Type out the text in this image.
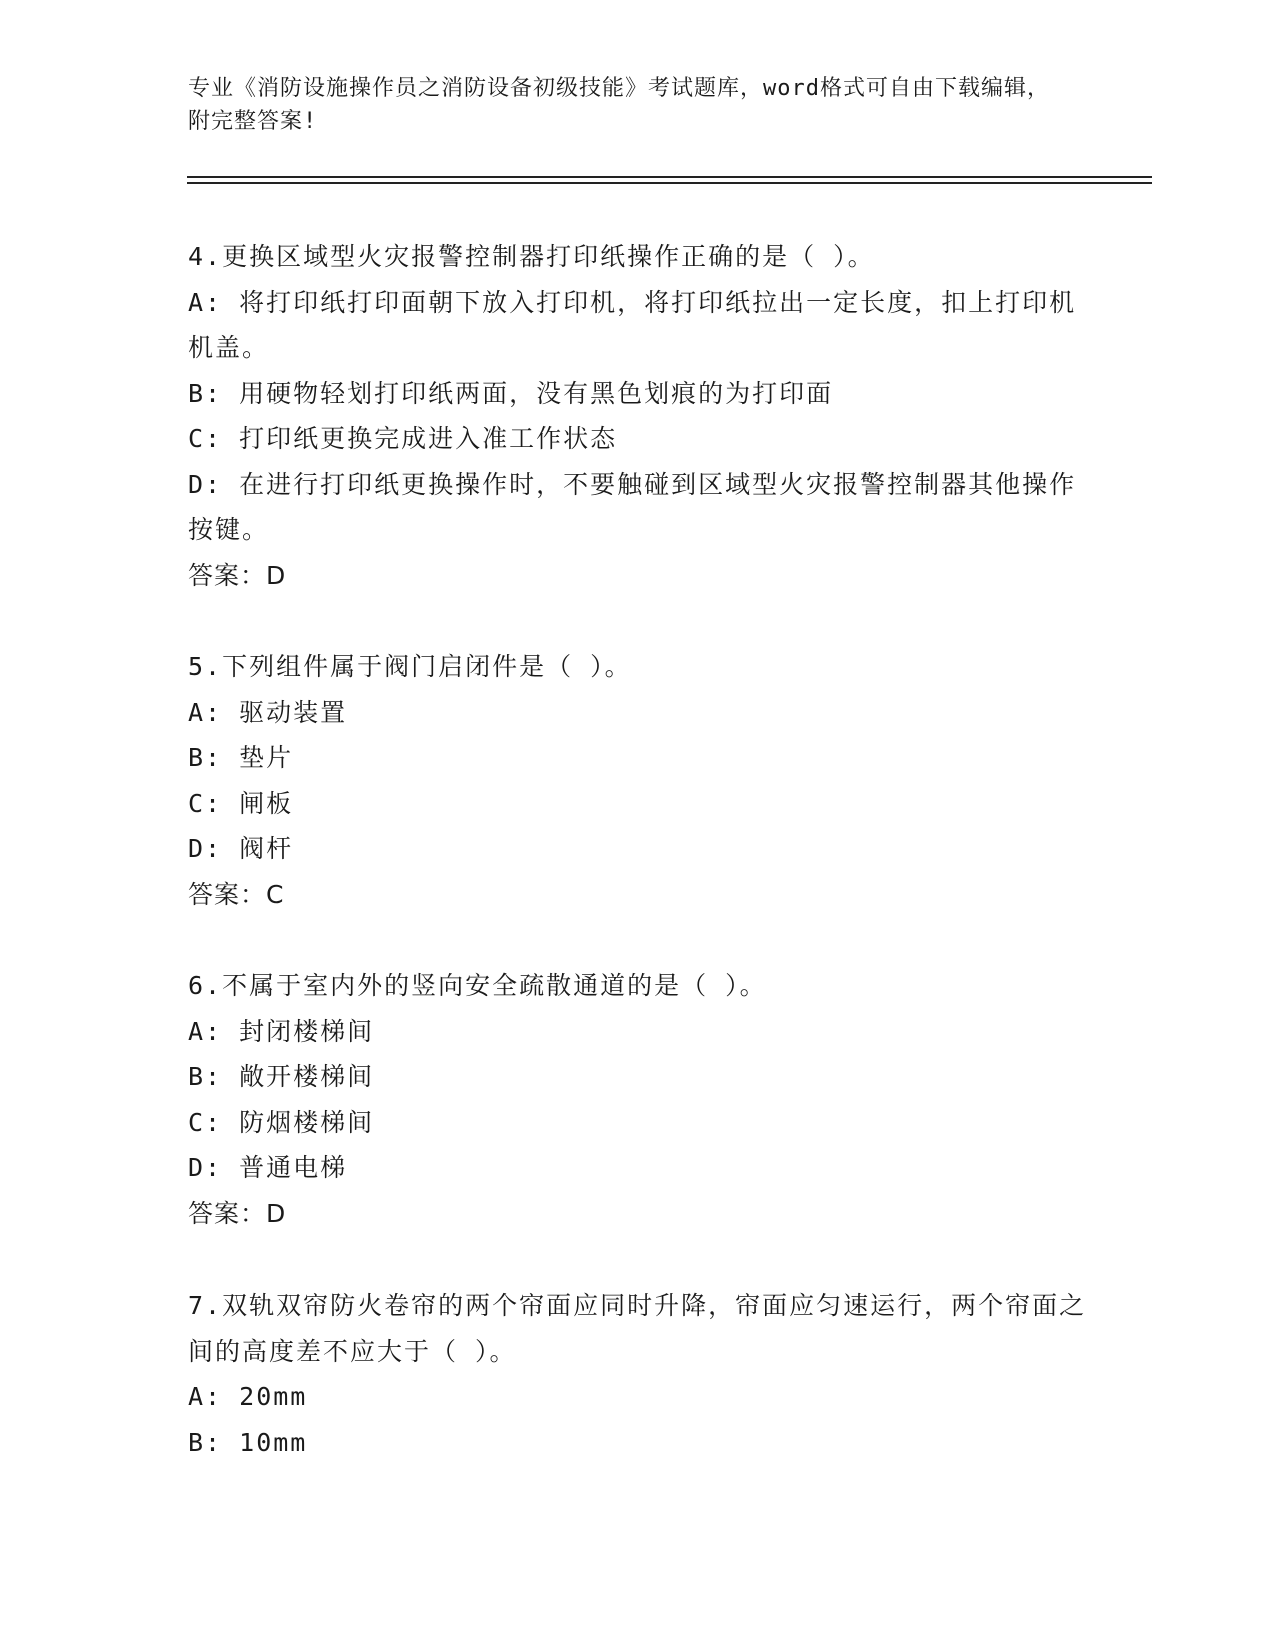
专业《消防设施操作员之消防设备初级技能》考试题库，word格式可自由下载编辑，附完整答案!
4.更换区域型火灾报警控制器打印纸操作正确的是（ ）。
A: 将打印纸打印面朝下放入打印机，将打印纸拉出一定长度，扣上打印机机盖。
B: 用硬物轻划打印纸两面，没有黑色划痕的为打印面
C: 打印纸更换完成进入准工作状态
D: 在进行打印纸更换操作时，不要触碰到区域型火灾报警控制器其他操作按键。
答案：D
5.下列组件属于阀门启闭件是（ ）。
A: 驱动装置
B: 垫片
C: 闸板
D: 阀杆
答案：C
6.不属于室内外的竖向安全疏散通道的是（ ）。
A: 封闭楼梯间
B: 敞开楼梯间
C: 防烟楼梯间
D: 普通电梯
答案：D
7.双轨双帘防火卷帘的两个帘面应同时升降，帘面应匀速运行，两个帘面之间的高度差不应大于（ ）。
A: 20mm
B: 10mm
